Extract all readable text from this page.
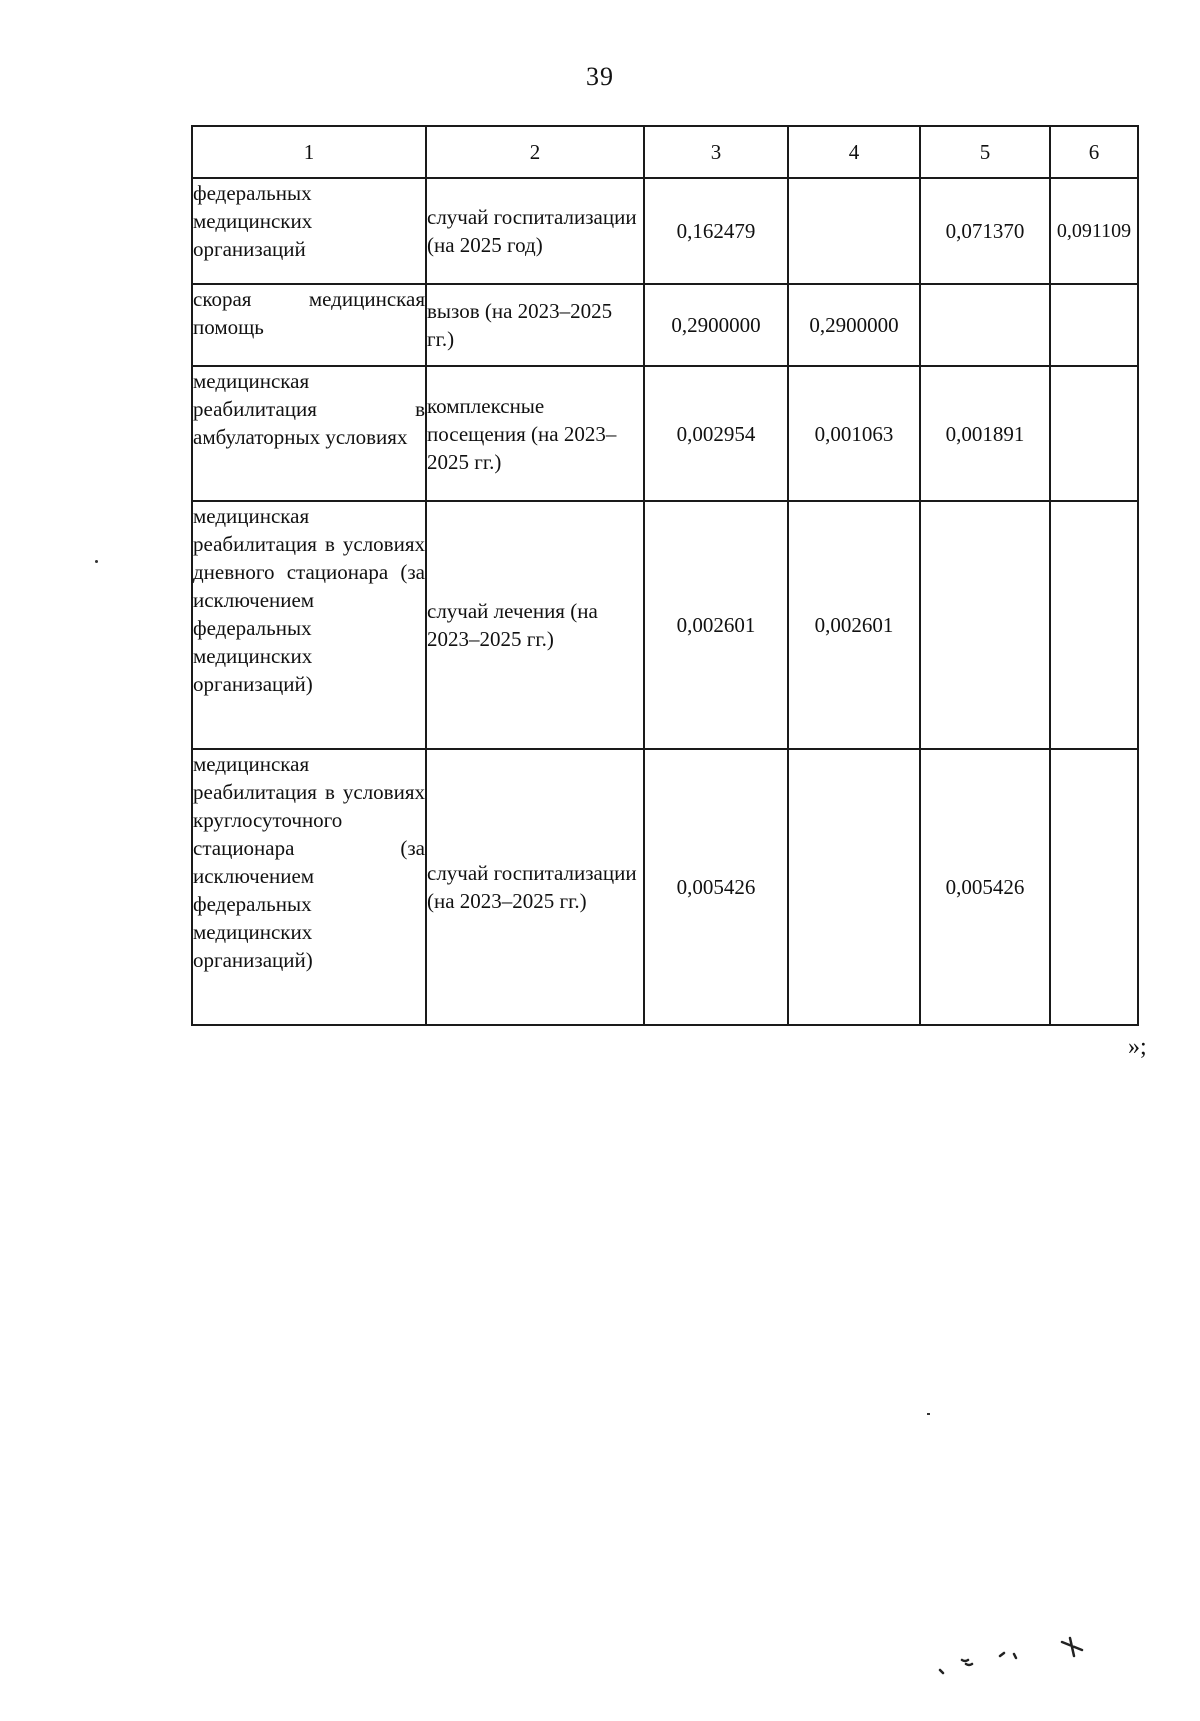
39
1	2	3	4	5	6
федеральных медицинских организаций	случай госпитализации (на 2025 год)	0,162479		0,071370	0,091109
скорая медицинская помощь	вызов (на 2023–2025 гг.)	0,2900000	0,2900000		
медицинская реабилитация в амбулаторных условиях	комплексные посещения (на 2023–2025 гг.)	0,002954	0,001063	0,001891	
медицинская реабилитация в условиях дневного стационара (за исключением федеральных медицинских организаций)	случай лечения (на 2023–2025 гг.)	0,002601	0,002601		
медицинская реабилитация в условиях круглосуточного стационара (за исключением федеральных медицинских организаций)	случай госпитализации (на 2023–2025 гг.)	0,005426		0,005426	
»;
